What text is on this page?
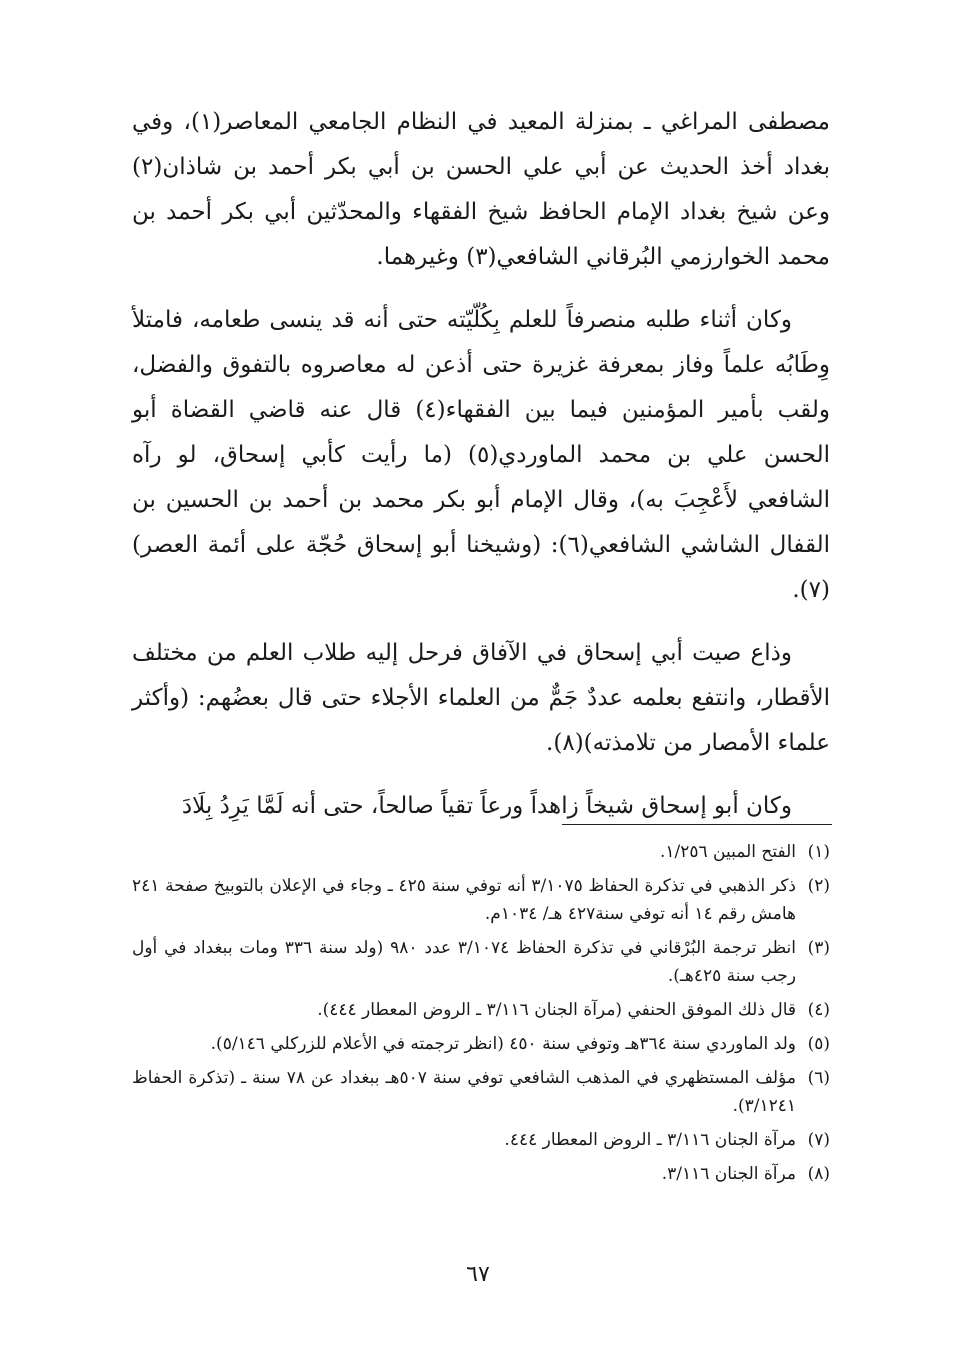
مصطفى المراغي ـ بمنزلة المعيد في النظام الجامعي المعاصر(١)، وفي بغداد أخذ الحديث عن أبي علي الحسن بن أبي بكر أحمد بن شاذان(٢) وعن شيخ بغداد الإمام الحافظ شيخ الفقهاء والمحدّثين أبي بكر أحمد بن محمد الخوارزمي البُرقاني الشافعي(٣) وغيرهما.

وكان أثناء طلبه منصرفاً للعلم بِكُلّيّته حتى أنه قد ينسى طعامه، فامتلأ وِطَابُه علماً وفاز بمعرفة غزيرة حتى أذعن له معاصروه بالتفوق والفضل، ولقب بأمير المؤمنين فيما بين الفقهاء(٤) قال عنه قاضي القضاة أبو الحسن علي بن محمد الماوردي(٥) (ما رأيت كأبي إسحاق، لو رآه الشافعي لأَعْجِبَ به)، وقال الإمام أبو بكر محمد بن أحمد بن الحسين بن القفال الشاشي الشافعي(٦): (وشيخنا أبو إسحاق حُجّة على أئمة العصر)(٧).

وذاع صيت أبي إسحاق في الآفاق فرحل إليه طلاب العلم من مختلف الأقطار، وانتفع بعلمه عددٌ جَمٌّ من العلماء الأجلاء حتى قال بعضُهم: (وأكثر علماء الأمصار من تلامذته)(٨).

وكان أبو إسحاق شيخاً زاهداً ورعاً تقياً صالحاً، حتى أنه لَمَّا يَرِدُ بِلَادَ

(١)
الفتح المبين ١/٢٥٦.
(٢)
ذكر الذهبي في تذكرة الحفاظ ٣/١٠٧٥ أنه توفي سنة ٤٢٥ ـ وجاء في الإعلان بالتوبيخ صفحة ٢٤١ هامش رقم ١٤ أنه توفي سنة٤٢٧ هـ/ ١٠٣٤م.
(٣)
انظر ترجمة البُرْقاني في تذكرة الحفاظ ٣/١٠٧٤ عدد ٩٨٠ (ولد سنة ٣٣٦ ومات ببغداد في أول رجب سنة ٤٢٥هـ).
(٤)
قال ذلك الموفق الحنفي (مرآة الجنان ٣/١١٦ ـ الروض المعطار ٤٤٤).
(٥)
ولد الماوردي سنة ٣٦٤هـ وتوفي سنة ٤٥٠ (انظر ترجمته في الأعلام للزركلي ٥/١٤٦).
(٦)
مؤلف المستظهري في المذهب الشافعي توفي سنة ٥٠٧هـ ببغداد عن ٧٨ سنة ـ (تذكرة الحفاظ ٣/١٢٤١).
(٧)
مرآة الجنان ٣/١١٦ ـ الروض المعطار ٤٤٤.
(٨)
مرآة الجنان ٣/١١٦.
٦٧
